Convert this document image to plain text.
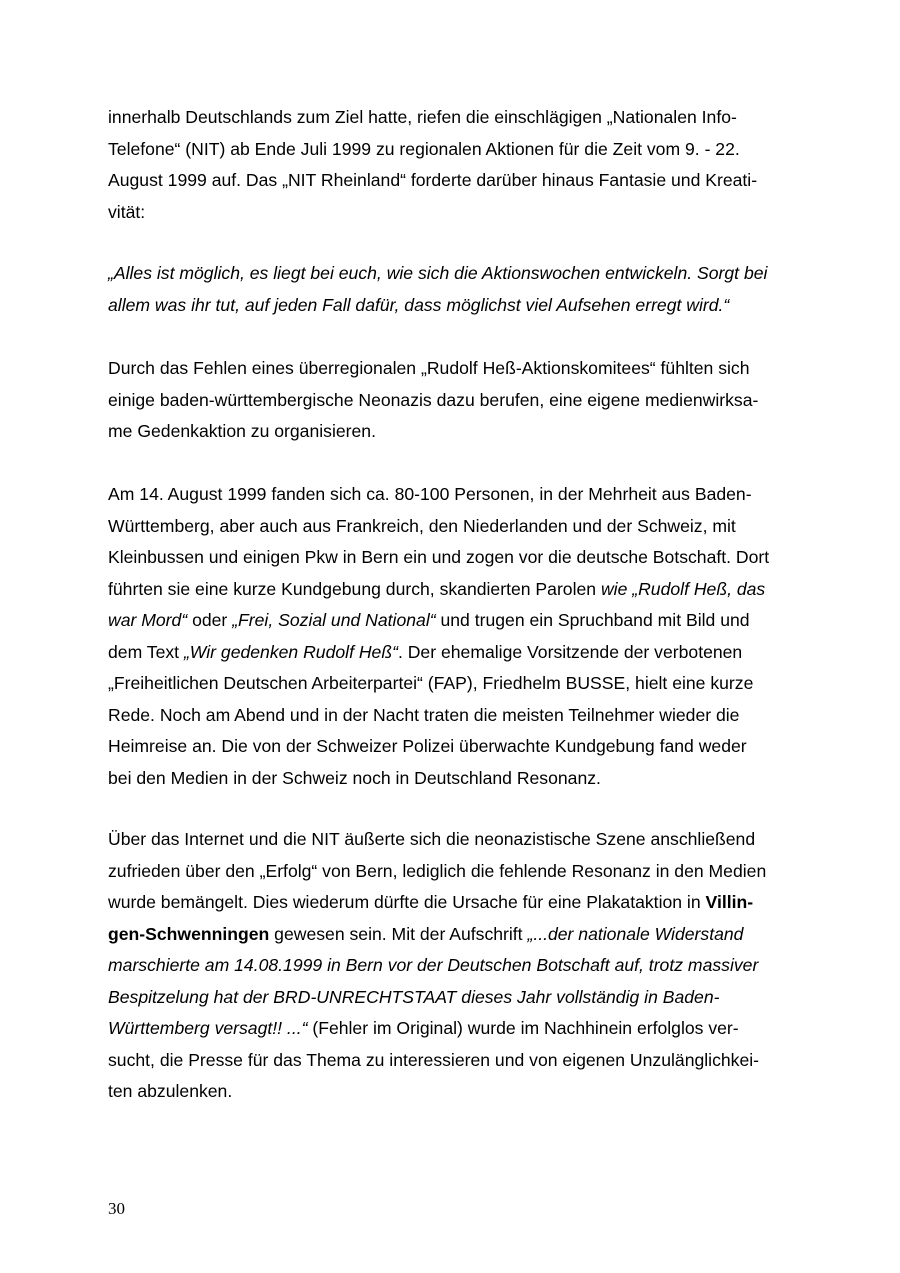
innerhalb Deutschlands zum Ziel hatte, riefen die einschlägigen „Nationalen Info-
Telefone“ (NIT) ab Ende Juli 1999 zu regionalen Aktionen für die Zeit vom 9. - 22.
August 1999 auf. Das „NIT Rheinland“ forderte darüber hinaus Fantasie und Kreati-
vität:
„Alles ist möglich, es liegt bei euch, wie sich die Aktionswochen entwickeln. Sorgt bei
allem was ihr tut, auf jeden Fall dafür, dass möglichst viel Aufsehen erregt wird.“
Durch das Fehlen eines überregionalen „Rudolf Heß-Aktionskomitees“ fühlten sich
einige baden-württembergische Neonazis dazu berufen, eine eigene medienwirksa-
me Gedenkaktion zu organisieren.
Am 14. August 1999 fanden sich ca. 80-100 Personen, in der Mehrheit aus Baden-
Württemberg, aber auch aus Frankreich, den Niederlanden und der Schweiz, mit
Kleinbussen und einigen Pkw in Bern ein und zogen vor die deutsche Botschaft. Dort
führten sie eine kurze Kundgebung durch, skandierten Parolen wie „Rudolf Heß, das
war Mord“ oder „Frei, Sozial und National“ und trugen ein Spruchband mit Bild und
dem Text „Wir gedenken Rudolf Heß“. Der ehemalige Vorsitzende der verbotenen
„Freiheitlichen Deutschen Arbeiterpartei“ (FAP), Friedhelm BUSSE, hielt eine kurze
Rede. Noch am Abend und in der Nacht traten die meisten Teilnehmer wieder die
Heimreise an. Die von der Schweizer Polizei überwachte Kundgebung fand weder
bei den Medien in der Schweiz noch in Deutschland Resonanz.
Über das Internet und die NIT äußerte sich die neonazistische Szene anschließend
zufrieden über den „Erfolg“ von Bern, lediglich die fehlende Resonanz in den Medien
wurde bemängelt. Dies wiederum dürfte die Ursache für eine Plakataktion in Villin-
gen-Schwenningen gewesen sein. Mit der Aufschrift „...der nationale Widerstand
marschierte am 14.08.1999 in Bern vor der Deutschen Botschaft auf, trotz massiver
Bespitzelung hat der BRD-UNRECHTSTAAT dieses Jahr vollständig in Baden-
Württemberg versagt!! ...“ (Fehler im Original) wurde im Nachhinein erfolglos ver-
sucht, die Presse für das Thema zu interessieren und von eigenen Unzulänglichkei-
ten abzulenken.
30
